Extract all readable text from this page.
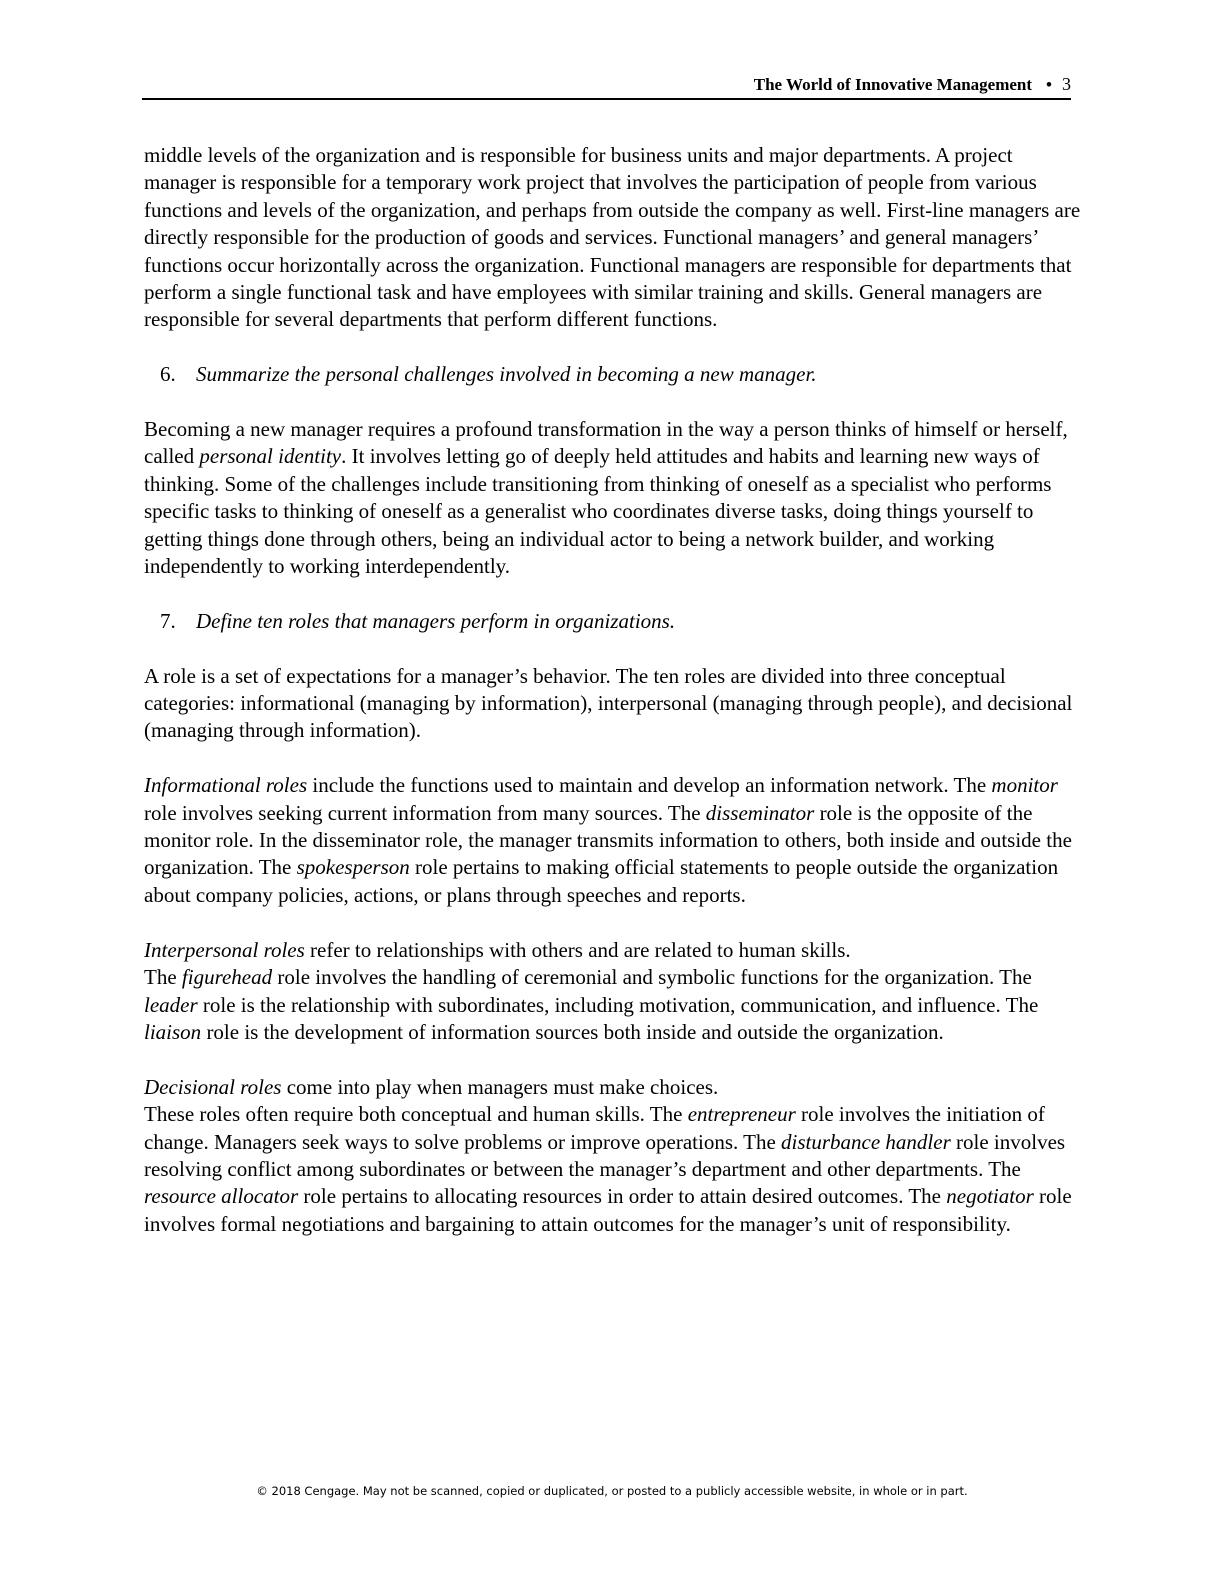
The World of Innovative Management • 3

middle levels of the organization and is responsible for business units and major departments. A project manager is responsible for a temporary work project that involves the participation of people from various functions and levels of the organization, and perhaps from outside the company as well. First-line managers are directly responsible for the production of goods and services. Functional managers’ and general managers’ functions occur horizontally across the organization. Functional managers are responsible for departments that perform a single functional task and have employees with similar training and skills. General managers are responsible for several departments that perform different functions.

6. Summarize the personal challenges involved in becoming a new manager.

Becoming a new manager requires a profound transformation in the way a person thinks of himself or herself, called personal identity. It involves letting go of deeply held attitudes and habits and learning new ways of thinking. Some of the challenges include transitioning from thinking of oneself as a specialist who performs specific tasks to thinking of oneself as a generalist who coordinates diverse tasks, doing things yourself to getting things done through others, being an individual actor to being a network builder, and working independently to working interdependently.

7. Define ten roles that managers perform in organizations.

A role is a set of expectations for a manager’s behavior. The ten roles are divided into three conceptual categories: informational (managing by information), interpersonal (managing through people), and decisional (managing through information).

Informational roles include the functions used to maintain and develop an information network. The monitor role involves seeking current information from many sources. The disseminator role is the opposite of the monitor role. In the disseminator role, the manager transmits information to others, both inside and outside the organization. The spokesperson role pertains to making official statements to people outside the organization about company policies, actions, or plans through speeches and reports.

Interpersonal roles refer to relationships with others and are related to human skills.
The figurehead role involves the handling of ceremonial and symbolic functions for the organization. The leader role is the relationship with subordinates, including motivation, communication, and influence. The liaison role is the development of information sources both inside and outside the organization.

Decisional roles come into play when managers must make choices.
These roles often require both conceptual and human skills. The entrepreneur role involves the initiation of change. Managers seek ways to solve problems or improve operations. The disturbance handler role involves resolving conflict among subordinates or between the manager’s department and other departments. The resource allocator role pertains to allocating resources in order to attain desired outcomes. The negotiator role involves formal negotiations and bargaining to attain outcomes for the manager’s unit of responsibility.

© 2018 Cengage. May not be scanned, copied or duplicated, or posted to a publicly accessible website, in whole or in part.
